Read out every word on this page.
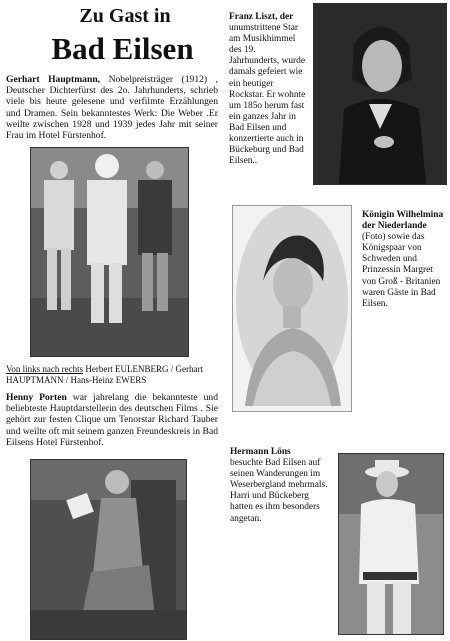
Zu Gast in
Bad Eilsen
Gerhart Hauptmann, Nobelpreisträger (1912) , Deutscher Dichterfürst des 2o. Jahrhunderts, schrieb viele bis heute gelesene und verfilmte Erzählungen und Dramen. Sein bekanntestes Werk: Die Weber .Er weilte zwischen 1928 und 1939 jedes Jahr mit seiner Frau im Hotel Fürstenhof.
Von links nach rechts Herbert EULENBERG / Gerhart HAUPTMANN / Hans-Heinz EWERS
Henny Porten war jahrelang die bekannteste und beliebteste Hauptdarstellerin des deutschen Films . Sie gehört zur festen Clique um Tenorstar Richard Tauber und weilte oft mit seinem ganzen Freundeskreis in Bad Eilsens Hotel Fürstenhof.
Franz Liszt, der
unumstrittene Star am Musikhimmel des 19. Jahrhunderts, wurde damals gefeiert wie ein heutiger Rockstar. Er wohnte um 185o herum fast ein ganzes Jahr in Bad Eilsen und konzertierte auch in Bückeburg und Bad Eilsen..
Königin Wilhelmina der Niederlande
(Foto) sowie das Königspaar von Schweden und Prinzessin Margret von Groß - Britanien waren Gäste in Bad Eilsen.
Hermann Löns
besuchte Bad Eilsen auf seinen Wanderungen im Weserbergland mehrmals. Harri und Bückeberg hatten es ihm besonders angetan.
